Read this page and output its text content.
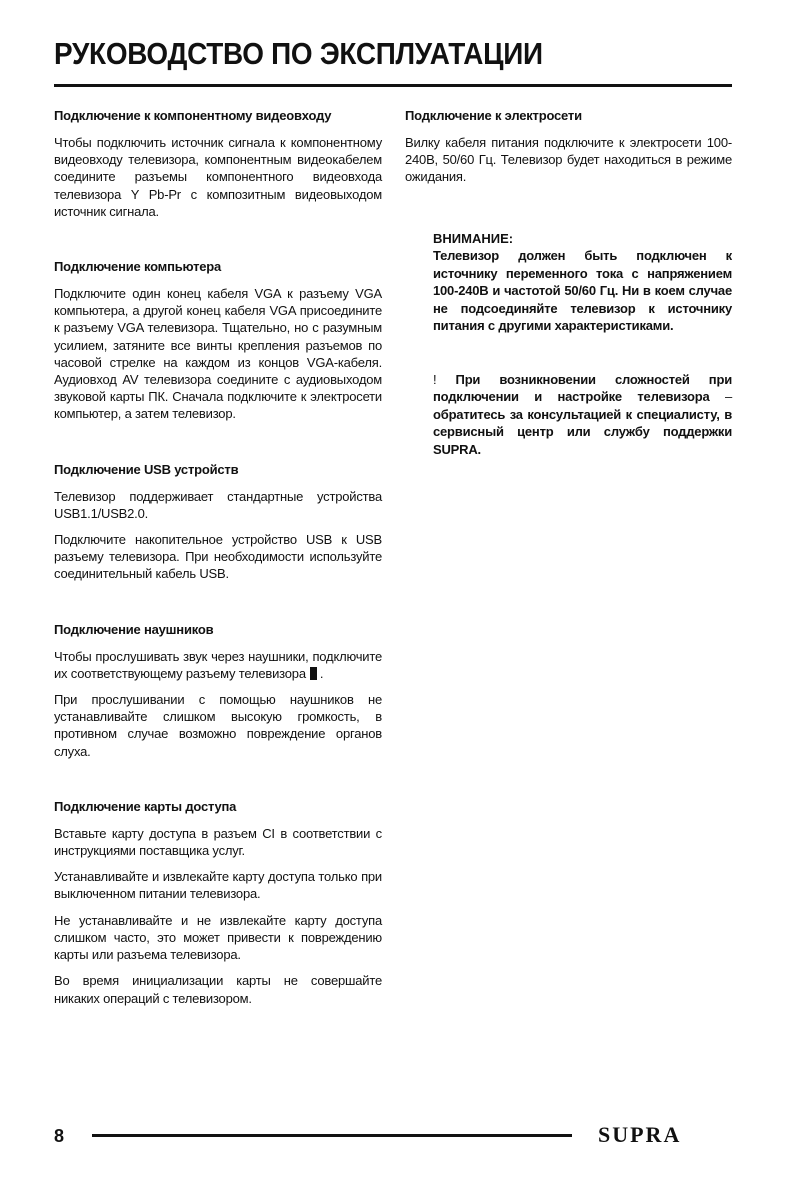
РУКОВОДСТВО ПО ЭКСПЛУАТАЦИИ
Подключение к компонентному видеовходу

Чтобы подключить источник сигнала к компонентному видеовходу телевизора, компонентным видеокабелем соедините разъемы компонентного видеовхода телевизора Y Pb-Pr с композитным видеовыходом источник сигнала.

Подключение компьютера

Подключите один конец кабеля VGA к разъему VGA компьютера, а другой конец кабеля VGA присоедините к разъему VGA телевизора. Тщательно, но с разумным усилием, затяните все винты крепления разъемов по часовой стрелке на каждом из концов VGA-кабеля. Аудиовход AV телевизора соедините с аудиовыходом звуковой карты ПК. Сначала подключите к электросети компьютер, а затем телевизор.

Подключение USB устройств

Телевизор поддерживает стандартные устройства USB1.1/USB2.0.

Подключите накопительное устройство USB к USB разъему телевизора. При необходимости используйте соединительный кабель USB.

Подключение наушников

Чтобы прослушивать звук через наушники, подключите их соответствующему разъему телевизора .

При прослушивании с помощью наушников не устанавливайте слишком высокую громкость, в противном случае возможно повреждение органов слуха.

Подключение карты доступа

Вставьте карту доступа в разъем CI в соответствии с инструкциями поставщика услуг.

Устанавливайте и извлекайте карту доступа только при выключенном питании телевизора.

Не устанавливайте и не извлекайте карту доступа слишком часто, это может привести к повреждению карты или разъема телевизора.

Во время инициализации карты не совершайте никаких операций с телевизором.

Подключение к электросети

Вилку кабеля питания подключите к электросети 100-240В, 50/60 Гц. Телевизор будет находиться в режиме ожидания.

ВНИМАНИЕ:
Телевизор должен быть подключен к источнику переменного тока с напряжением 100-240В и частотой 50/60 Гц. Ни в коем случае не подсоединяйте телевизор к источнику питания с другими характеристиками.
! При возникновении сложностей при подключении и настройке телевизора – обратитесь за консультацией к специалисту, в сервисный центр или службу поддержки SUPRA.
8	SUPRA
